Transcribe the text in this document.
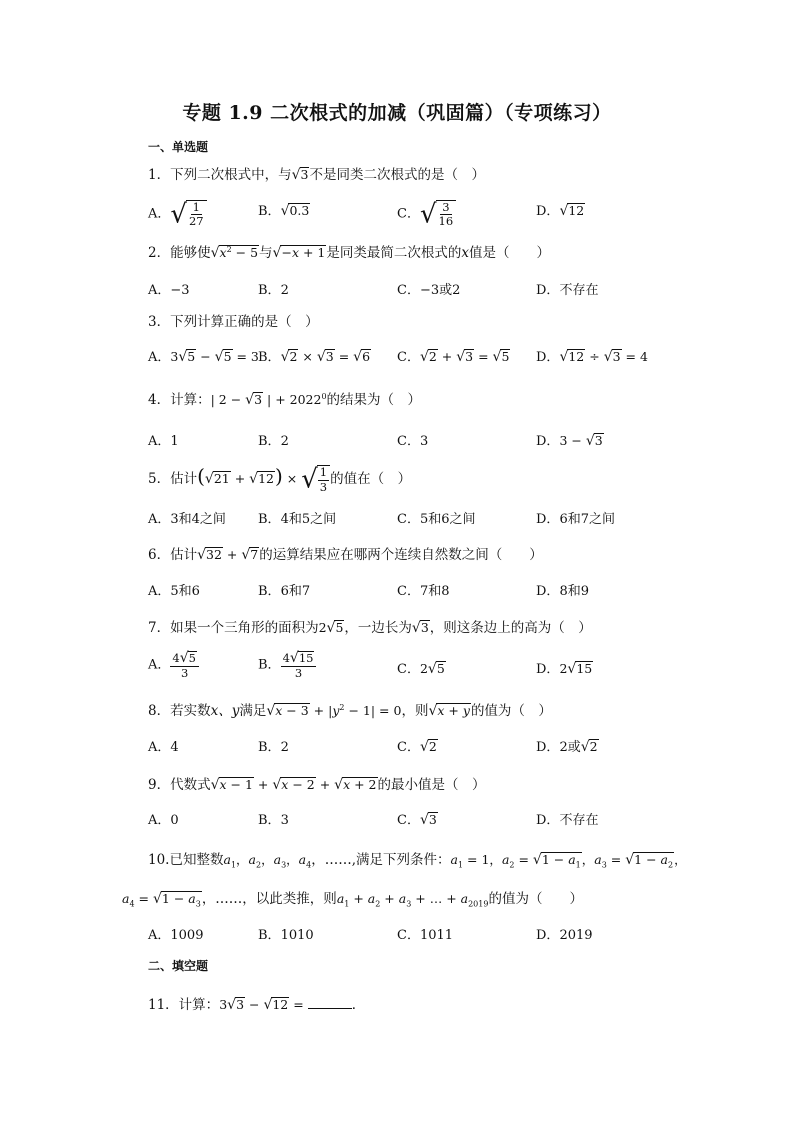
专题 1.9 二次根式的加减（巩固篇）（专项练习）
一、单选题
1．下列二次根式中，与√3不是同类二次根式的是（　）
A．√ $\frac{1}{27}$	B．√0.3	C．√ $\frac{3}{16}$	D．√12
2．能够使$√x^2 - 5$与√−x + 1是同类最简二次根式的x值是（　　）
A．−3	B．2	C．−3或2	D．不存在
3．下列计算正确的是（　）
A．3√5 − √5 = 3 B．√2 × √3 = √6 C．√2 + √3 = √5 D．√12 ÷ √3 = 4
4．计算：| 2 − √3 | + $2022^0$的结果为（　）
A．1	B．2	C．3	D．3 − √3
5．估计(√21 + √12) × √ $\frac{1}{3}$ 的值在（　）
A．3和4之间 B．4和5之间	C．5和6之间	D．6和7之间
6．估计√32 + √7的运算结果应在哪两个连续自然数之间（　　）
A．5和6	B．6和7	C．7和8	D．8和9
7．如果一个三角形的面积为2√5，一边长为√3，则这条边上的高为（　）
A． $\frac{4√5}{3}$	B． $\frac{4√15}{3}$	C．2√5	D．2√15
8．若实数x、y满足$√x - 3 + |y^2 - 1| = 0$，则√x + y的值为（　）
A．4	B．2	C．√2	D．2或√2
9．代数式√x − 1 + √x − 2 + √x + 2的最小值是（　）
A．0	B．3	C．√3	D．不存在
10.已知整数$a_1$，$a_2$，$a_3$，$a_4$，……,满足下列条件：$a_1 = 1$，$a_2 = √1 - a_1$，$a_3 = √1 - a_2$，
$a_4 = √1 - a_3$，……，以此类推，则$a_1 + a_2 + a_3$ + … + $a_{2019}$的值为（　　）
A．1009	B．1010	C．1011	D．2019
二、填空题
11．计算：3√3 − √12 =	．
